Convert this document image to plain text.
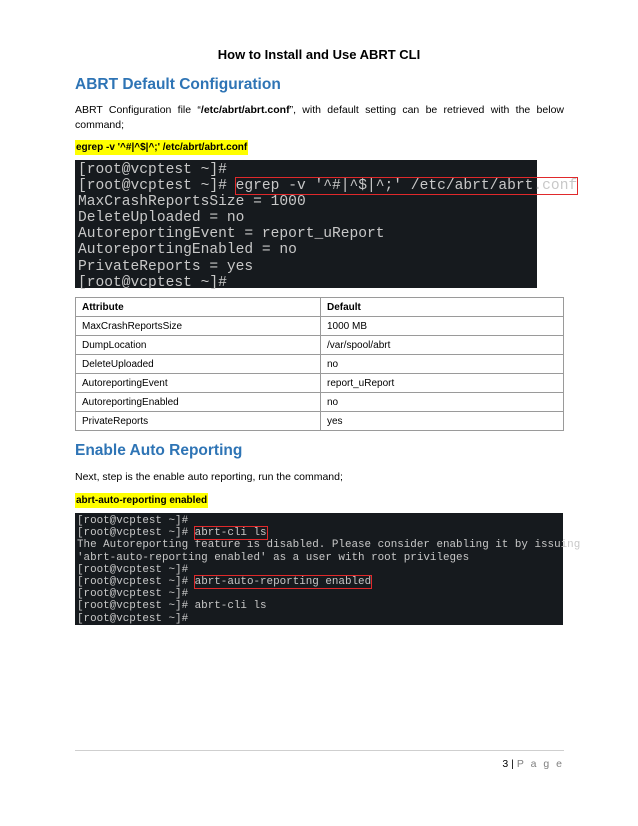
How to Install and Use ABRT CLI
ABRT Default Configuration
ABRT Configuration file “/etc/abrt/abrt.conf”, with default setting can be retrieved with the below command;
egrep -v '^#|^$|^;' /etc/abrt/abrt.conf
[root@vcptest ~]#
[root@vcptest ~]# egrep -v '^#|^$|^;' /etc/abrt/abrt.conf
MaxCrashReportsSize = 1000
DeleteUploaded = no
AutoreportingEvent = report_uReport
AutoreportingEnabled = no
PrivateReports = yes
[root@vcptest ~]#
Attribute	Default
MaxCrashReportsSize	1000 MB
DumpLocation	/var/spool/abrt
DeleteUploaded	no
AutoreportingEvent	report_uReport
AutoreportingEnabled	no
PrivateReports	yes
Enable Auto Reporting
Next, step is the enable auto reporting, run the command;
abrt-auto-reporting enabled
[root@vcptest ~]#
[root@vcptest ~]# abrt-cli ls
The Autoreporting feature is disabled. Please consider enabling it by issuing
'abrt-auto-reporting enabled' as a user with root privileges
[root@vcptest ~]#
[root@vcptest ~]# abrt-auto-reporting enabled
[root@vcptest ~]#
[root@vcptest ~]# abrt-cli ls
[root@vcptest ~]#
3 | P a g e
